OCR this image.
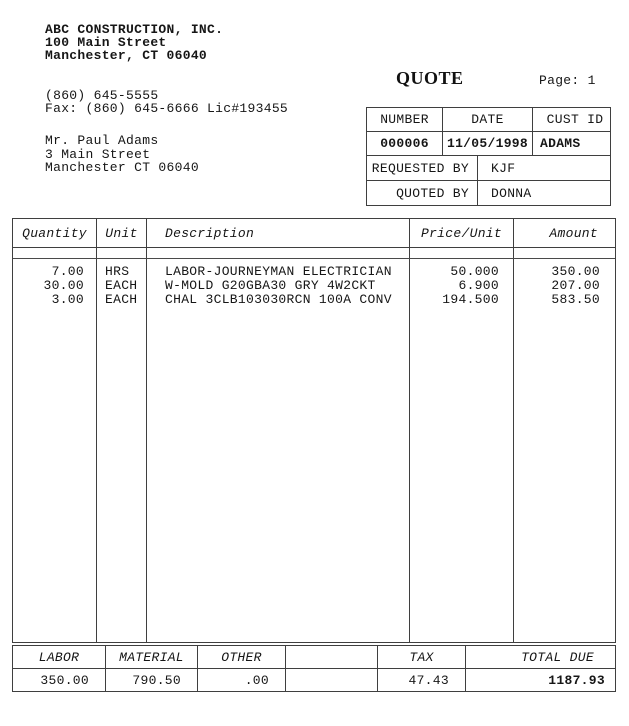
ABC CONSTRUCTION, INC.
100 Main Street
Manchester, CT 06040
(860) 645-5555
Fax: (860) 645-6666 Lic#193455
QUOTE	Page: 1
Mr. Paul Adams
3 Main Street
Manchester CT 06040
NUMBER	DATE	CUST ID
000006	11/05/1998 ADAMS
REQUESTED BY	KJF
QUOTED BY	DONNA
Quantity	Unit	Description	Price/Unit	Amount
7.00	HRS	LABOR-JOURNEYMAN ELECTRICIAN	50.000	350.00
30.00	EACH	W-MOLD G20GBA30 GRY 4W2CKT	6.900	207.00
3.00	EACH	CHAL 3CLB103030RCN 100A CONV	194.500	583.50
LABOR	MATERIAL	OTHER	TAX	TOTAL DUE
350.00	790.50	.00	47.43	1187.93
